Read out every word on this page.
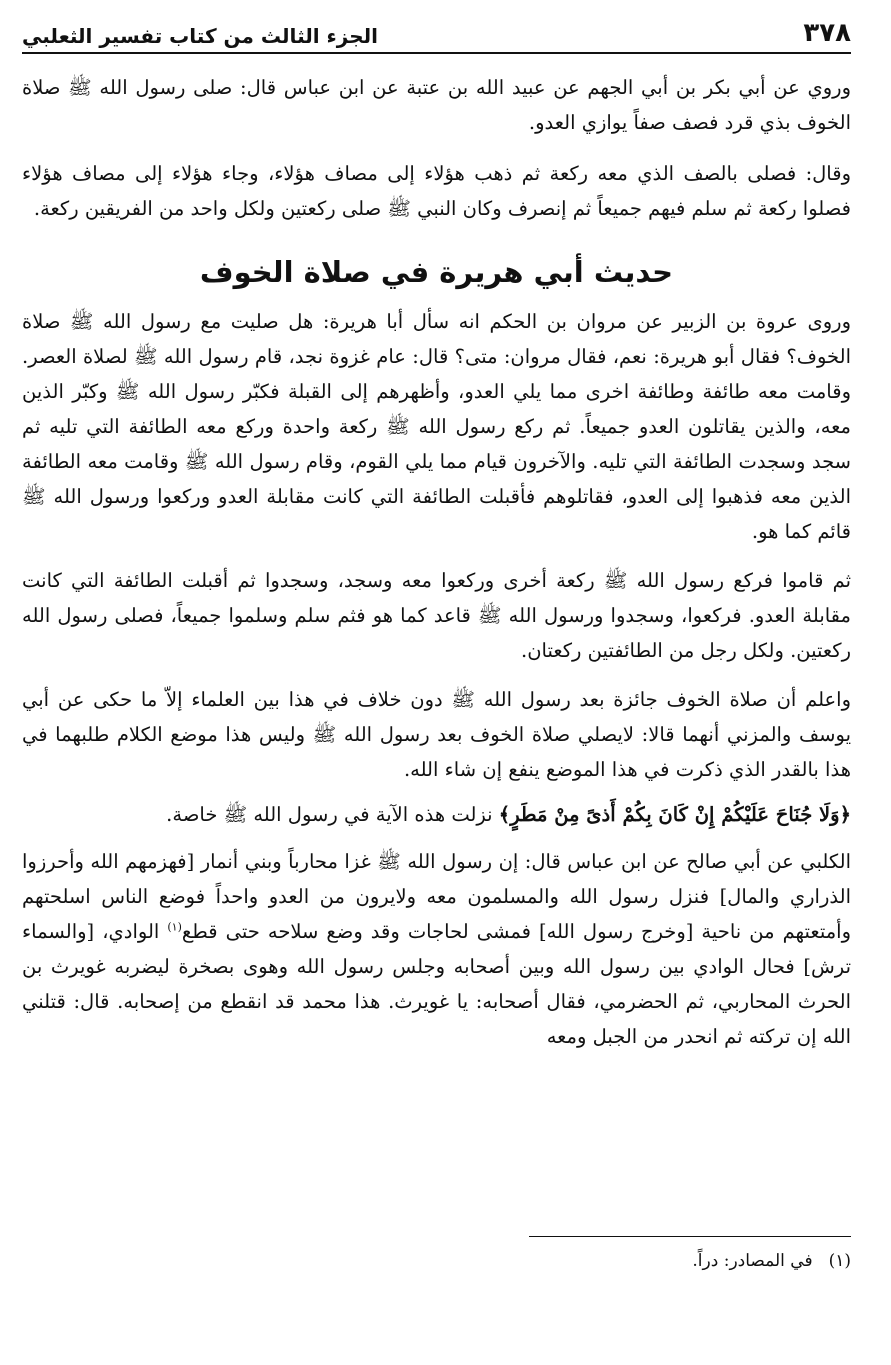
٣٧٨
الجزء الثالث من كتاب تفسير الثعلبي

وروي عن أبي بكر بن أبي الجهم عن عبيد الله بن عتبة عن ابن عباس قال: صلى رسول الله ﷺ صلاة الخوف بذي قرد فصف صفاً يوازي العدو.

وقال: فصلى بالصف الذي معه ركعة ثم ذهب هؤلاء إلى مصاف هؤلاء، وجاء هؤلاء إلى مصاف هؤلاء فصلوا ركعة ثم سلم فيهم جميعاً ثم إنصرف وكان النبي ﷺ صلى ركعتين ولكل واحد من الفريقين ركعة.

حديث أبي هريرة في صلاة الخوف

وروى عروة بن الزبير عن مروان بن الحكم انه سأل أبا هريرة: هل صليت مع رسول الله ﷺ صلاة الخوف؟ فقال أبو هريرة: نعم، فقال مروان: متى؟ قال: عام غزوة نجد، قام رسول الله ﷺ لصلاة العصر. وقامت معه طائفة وطائفة اخرى مما يلي العدو، وأظهرهم إلى القبلة فكبّر رسول الله ﷺ وكبّر الذين معه، والذين يقاتلون العدو جميعاً. ثم ركع رسول الله ﷺ ركعة واحدة وركع معه الطائفة التي تليه ثم سجد وسجدت الطائفة التي تليه. والآخرون قيام مما يلي القوم، وقام رسول الله ﷺ وقامت معه الطائفة الذين معه فذهبوا إلى العدو، فقاتلوهم فأقبلت الطائفة التي كانت مقابلة العدو وركعوا ورسول الله ﷺ قائم كما هو.

ثم قاموا فركع رسول الله ﷺ ركعة أخرى وركعوا معه وسجد، وسجدوا ثم أقبلت الطائفة التي كانت مقابلة العدو. فركعوا، وسجدوا ورسول الله ﷺ قاعد كما هو فثم سلم وسلموا جميعاً، فصلى رسول الله ركعتين. ولكل رجل من الطائفتين ركعتان.

واعلم أن صلاة الخوف جائزة بعد رسول الله ﷺ دون خلاف في هذا بين العلماء إلاّ ما حكى عن أبي يوسف والمزني أنهما قالا: لايصلي صلاة الخوف بعد رسول الله ﷺ وليس هذا موضع الكلام طلبهما في هذا بالقدر الذي ذكرت في هذا الموضع ينفع إن شاء الله.

﴿وَلَا جُنَاحَ عَلَيْكُمْ إِنْ كَانَ بِكُمْ أَذىً مِنْ مَطَرٍ﴾ نزلت هذه الآية في رسول الله ﷺ خاصة.

الكلبي عن أبي صالح عن ابن عباس قال: إن رسول الله ﷺ غزا محارباً وبني أنمار [فهزمهم الله وأحرزوا الذراري والمال] فنزل رسول الله والمسلمون معه ولايرون من العدو واحداً فوضع الناس اسلحتهم وأمتعتهم من ناحية [وخرج رسول الله] فمشى لحاجات وقد وضع سلاحه حتى قطع$^{(١)}$ الوادي، [والسماء ترش] فحال الوادي بين رسول الله وبين أصحابه وجلس رسول الله وهوى بصخرة ليضربه غويرث بن الحرث المحاربي، ثم الحضرمي، فقال أصحابه: يا غويرث. هذا محمد قد انقطع من إصحابه. قال: قتلني الله إن تركته ثم انحدر من الجبل ومعه

(١)في المصادر: دراً.
